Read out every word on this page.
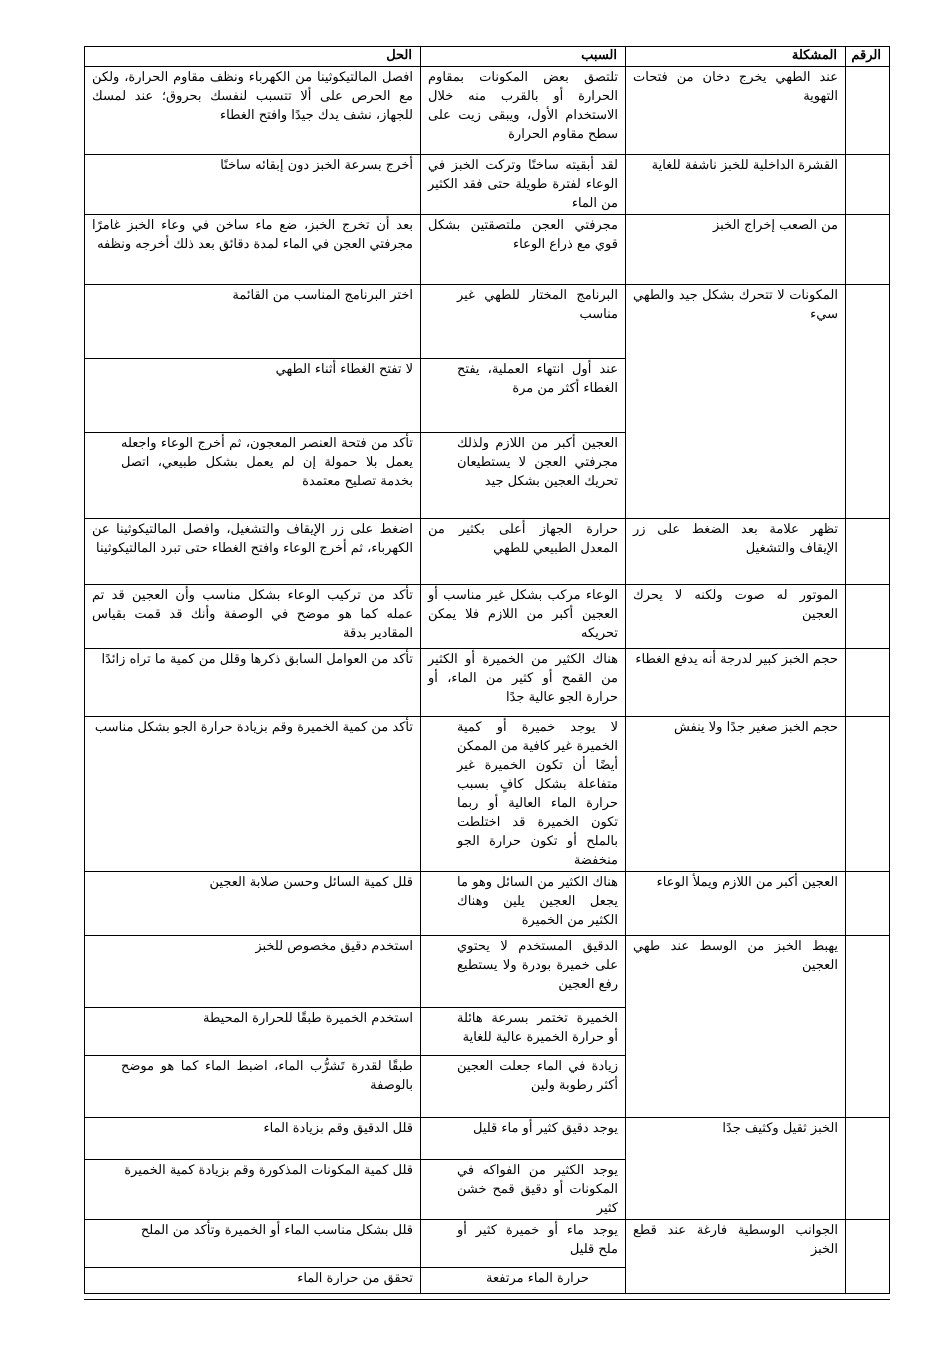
الرقم	المشكلة	السبب	الحل
	عند الطهي يخرج دخان من فتحات التهوية	تلتصق بعض المكونات بمقاوم الحرارة أو بالقرب منه خلال الاستخدام الأول، ويبقى زيت على سطح مقاوم الحرارة	افصل المالتيكوثينا من الكهرباء ونظف مقاوم الحرارة، ولكن مع الحرص على ألا تتسبب لنفسك بحروق؛ عند لمسك للجهاز، نشف يدك جيدًا وافتح الغطاء
	القشرة الداخلية للخبز ناشفة للغاية	لقد أبقيته ساخنًا وتركت الخبز في الوعاء لفترة طويلة حتى فقد الكثير من الماء	أخرج بسرعة الخبز دون إبقائه ساخنًا
	من الصعب إخراج الخبز	مجرفتي العجن ملتصقتين بشكل قوي مع ذراع الوعاء	بعد أن تخرج الخبز، ضع ماء ساخن في وعاء الخبز غامرًا مجرفتي العجن في الماء لمدة دقائق بعد ذلك أخرجه ونظفه
	المكونات لا تتحرك بشكل جيد والطهي سيء	البرنامج المختار للطهي غير مناسب	اختر البرنامج المناسب من القائمة
		عند أول انتهاء العملية، يفتح الغطاء أكثر من مرة	لا تفتح الغطاء أثناء الطهي
		العجين أكبر من اللازم ولذلك مجرفتي العجن لا يستطيعان تحريك العجين بشكل جيد	تأكد من فتحة العنصر المعجون، ثم أخرج الوعاء واجعله يعمل بلا حمولة إن لم يعمل بشكل طبيعي، اتصل بخدمة تصليح معتمدة
	تظهر علامة بعد الضغط على زر الإيقاف والتشغيل	حرارة الجهاز أعلى بكثير من المعدل الطبيعي للطهي	اضغط على زر الإيقاف والتشغيل، وافصل المالتيكوثينا عن الكهرباء، ثم أخرج الوعاء وافتح الغطاء حتى تبرد المالتيكوثينا
	الموتور له صوت ولكنه لا يحرك العجين	الوعاء مركب بشكل غير مناسب أو العجين أكبر من اللازم فلا يمكن تحريكه	تأكد من تركيب الوعاء بشكل مناسب وأن العجين قد تم عمله كما هو موضح في الوصفة وأنك قد قمت بقياس المقادير بدقة
	حجم الخبز كبير لدرجة أنه يدفع الغطاء	هناك الكثير من الخميرة أو الكثير من القمح أو كثير من الماء، أو حرارة الجو عالية جدًا	تأكد من العوامل السابق ذكرها وقلل من كمية ما تراه زائدًا
	حجم الخبز صغير جدًا ولا ينفش	لا يوجد خميرة أو كمية الخميرة غير كافية من الممكن أيضًا أن تكون الخميرة غير متفاعلة بشكل كافٍ بسبب حرارة الماء العالية أو ربما تكون الخميرة قد اختلطت بالملح أو تكون حرارة الجو منخفضة	تأكد من كمية الخميرة وقم بزيادة حرارة الجو بشكل مناسب
	العجين أكبر من اللازم ويملأ الوعاء	هناك الكثير من السائل وهو ما يجعل العجين يلين وهناك الكثير من الخميرة	قلل كمية السائل وحسن صلابة العجين
	يهبط الخبز من الوسط عند طهي العجين	الدقيق المستخدم لا يحتوي على خميرة بودرة ولا يستطيع رفع العجين	استخدم دقيق مخصوص للخبز
		الخميرة تختمر بسرعة هائلة أو حرارة الخميرة عالية للغاية	استخدم الخميرة طبقًا للحرارة المحيطة
		زيادة في الماء جعلت العجين أكثر رطوبة ولين	طبقًا لقدرة تَشرُّب الماء، اضبط الماء كما هو موضح بالوصفة
	الخبز ثقيل وكثيف جدًا	يوجد دقيق كثير أو ماء قليل	قلل الدقيق وقم بزيادة الماء
		يوجد الكثير من الفواكه في المكونات أو دقيق قمح خشن كثير	قلل كمية المكونات المذكورة وقم بزيادة كمية الخميرة
	الجوانب الوسطية فارغة عند قطع الخبز	يوجد ماء أو خميرة كثير أو ملح قليل	قلل بشكل مناسب الماء أو الخميرة وتأكد من الملح
		حرارة الماء مرتفعة	تحقق من حرارة الماء
